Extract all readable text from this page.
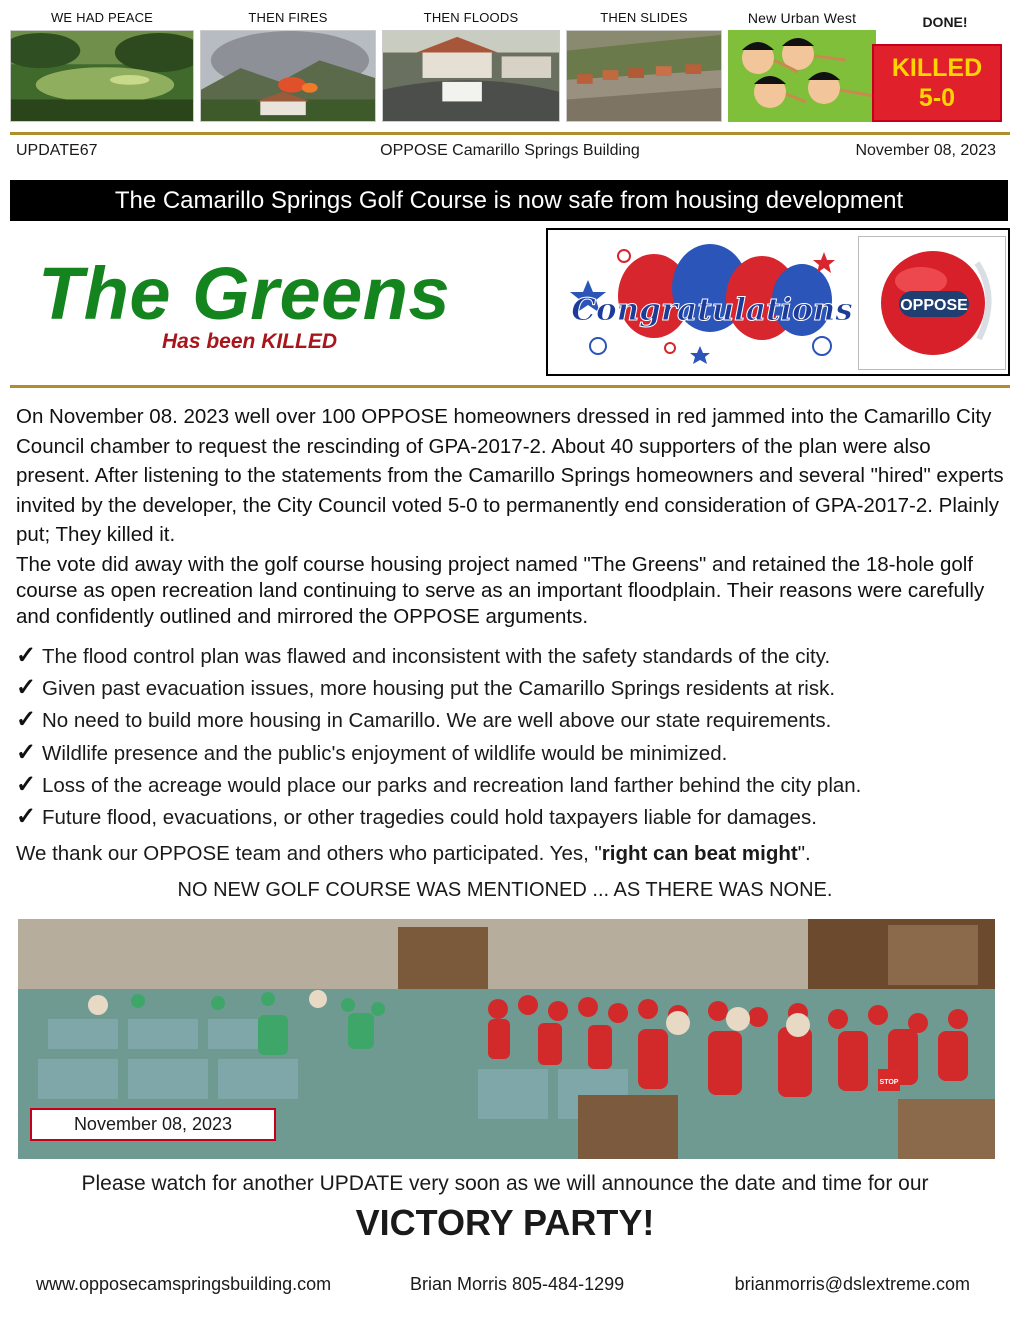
WE HAD PEACE	THEN FIRES	THEN FLOODS	THEN SLIDES	New Urban West	DONE!
KILLED
5-0
OPPOSE Camarillo Springs Building
UPDATE67	November 08, 2023
The Camarillo Springs Golf Course is now safe from housing development
The Greens
Has been KILLED
Congratulations	OPPOSE

On November 08. 2023 well over 100 OPPOSE homeowners dressed in red jammed into the Camarillo City Council chamber to request the rescinding of GPA-2017-2. About 40 supporters of the plan were also present. After listening to the statements from the Camarillo Springs homeowners and several "hired" experts invited by the developer, the City Council voted 5-0 to permanently end consideration of GPA-2017-2. Plainly put; They killed it.

The vote did away with the golf course housing project named "The Greens" and retained the 18-hole golf course as open recreation land continuing to serve as an important floodplain. Their reasons were carefully and confidently outlined and mirrored the OPPOSE arguments.

✓ The flood control plan was flawed and inconsistent with the safety standards of the city.
✓ Given past evacuation issues, more housing put the Camarillo Springs residents at risk.
✓ No need to build more housing in Camarillo. We are well above our state requirements.
✓ Wildlife presence and the public's enjoyment of wildlife would be minimized.
✓ Loss of the acreage would place our parks and recreation land farther behind the city plan.
✓ Future flood, evacuations, or other tragedies could hold taxpayers liable for damages.
We thank our OPPOSE team and others who participated. Yes, "right can beat might".
NO NEW GOLF COURSE WAS MENTIONED ... AS THERE WAS NONE.
STOP
November 08, 2023
Please watch for another UPDATE very soon as we will announce the date and time for our
VICTORY PARTY!
www.opposecamspringsbuilding.com	Brian Morris 805-484-1299	brianmorris@dslextreme.com
